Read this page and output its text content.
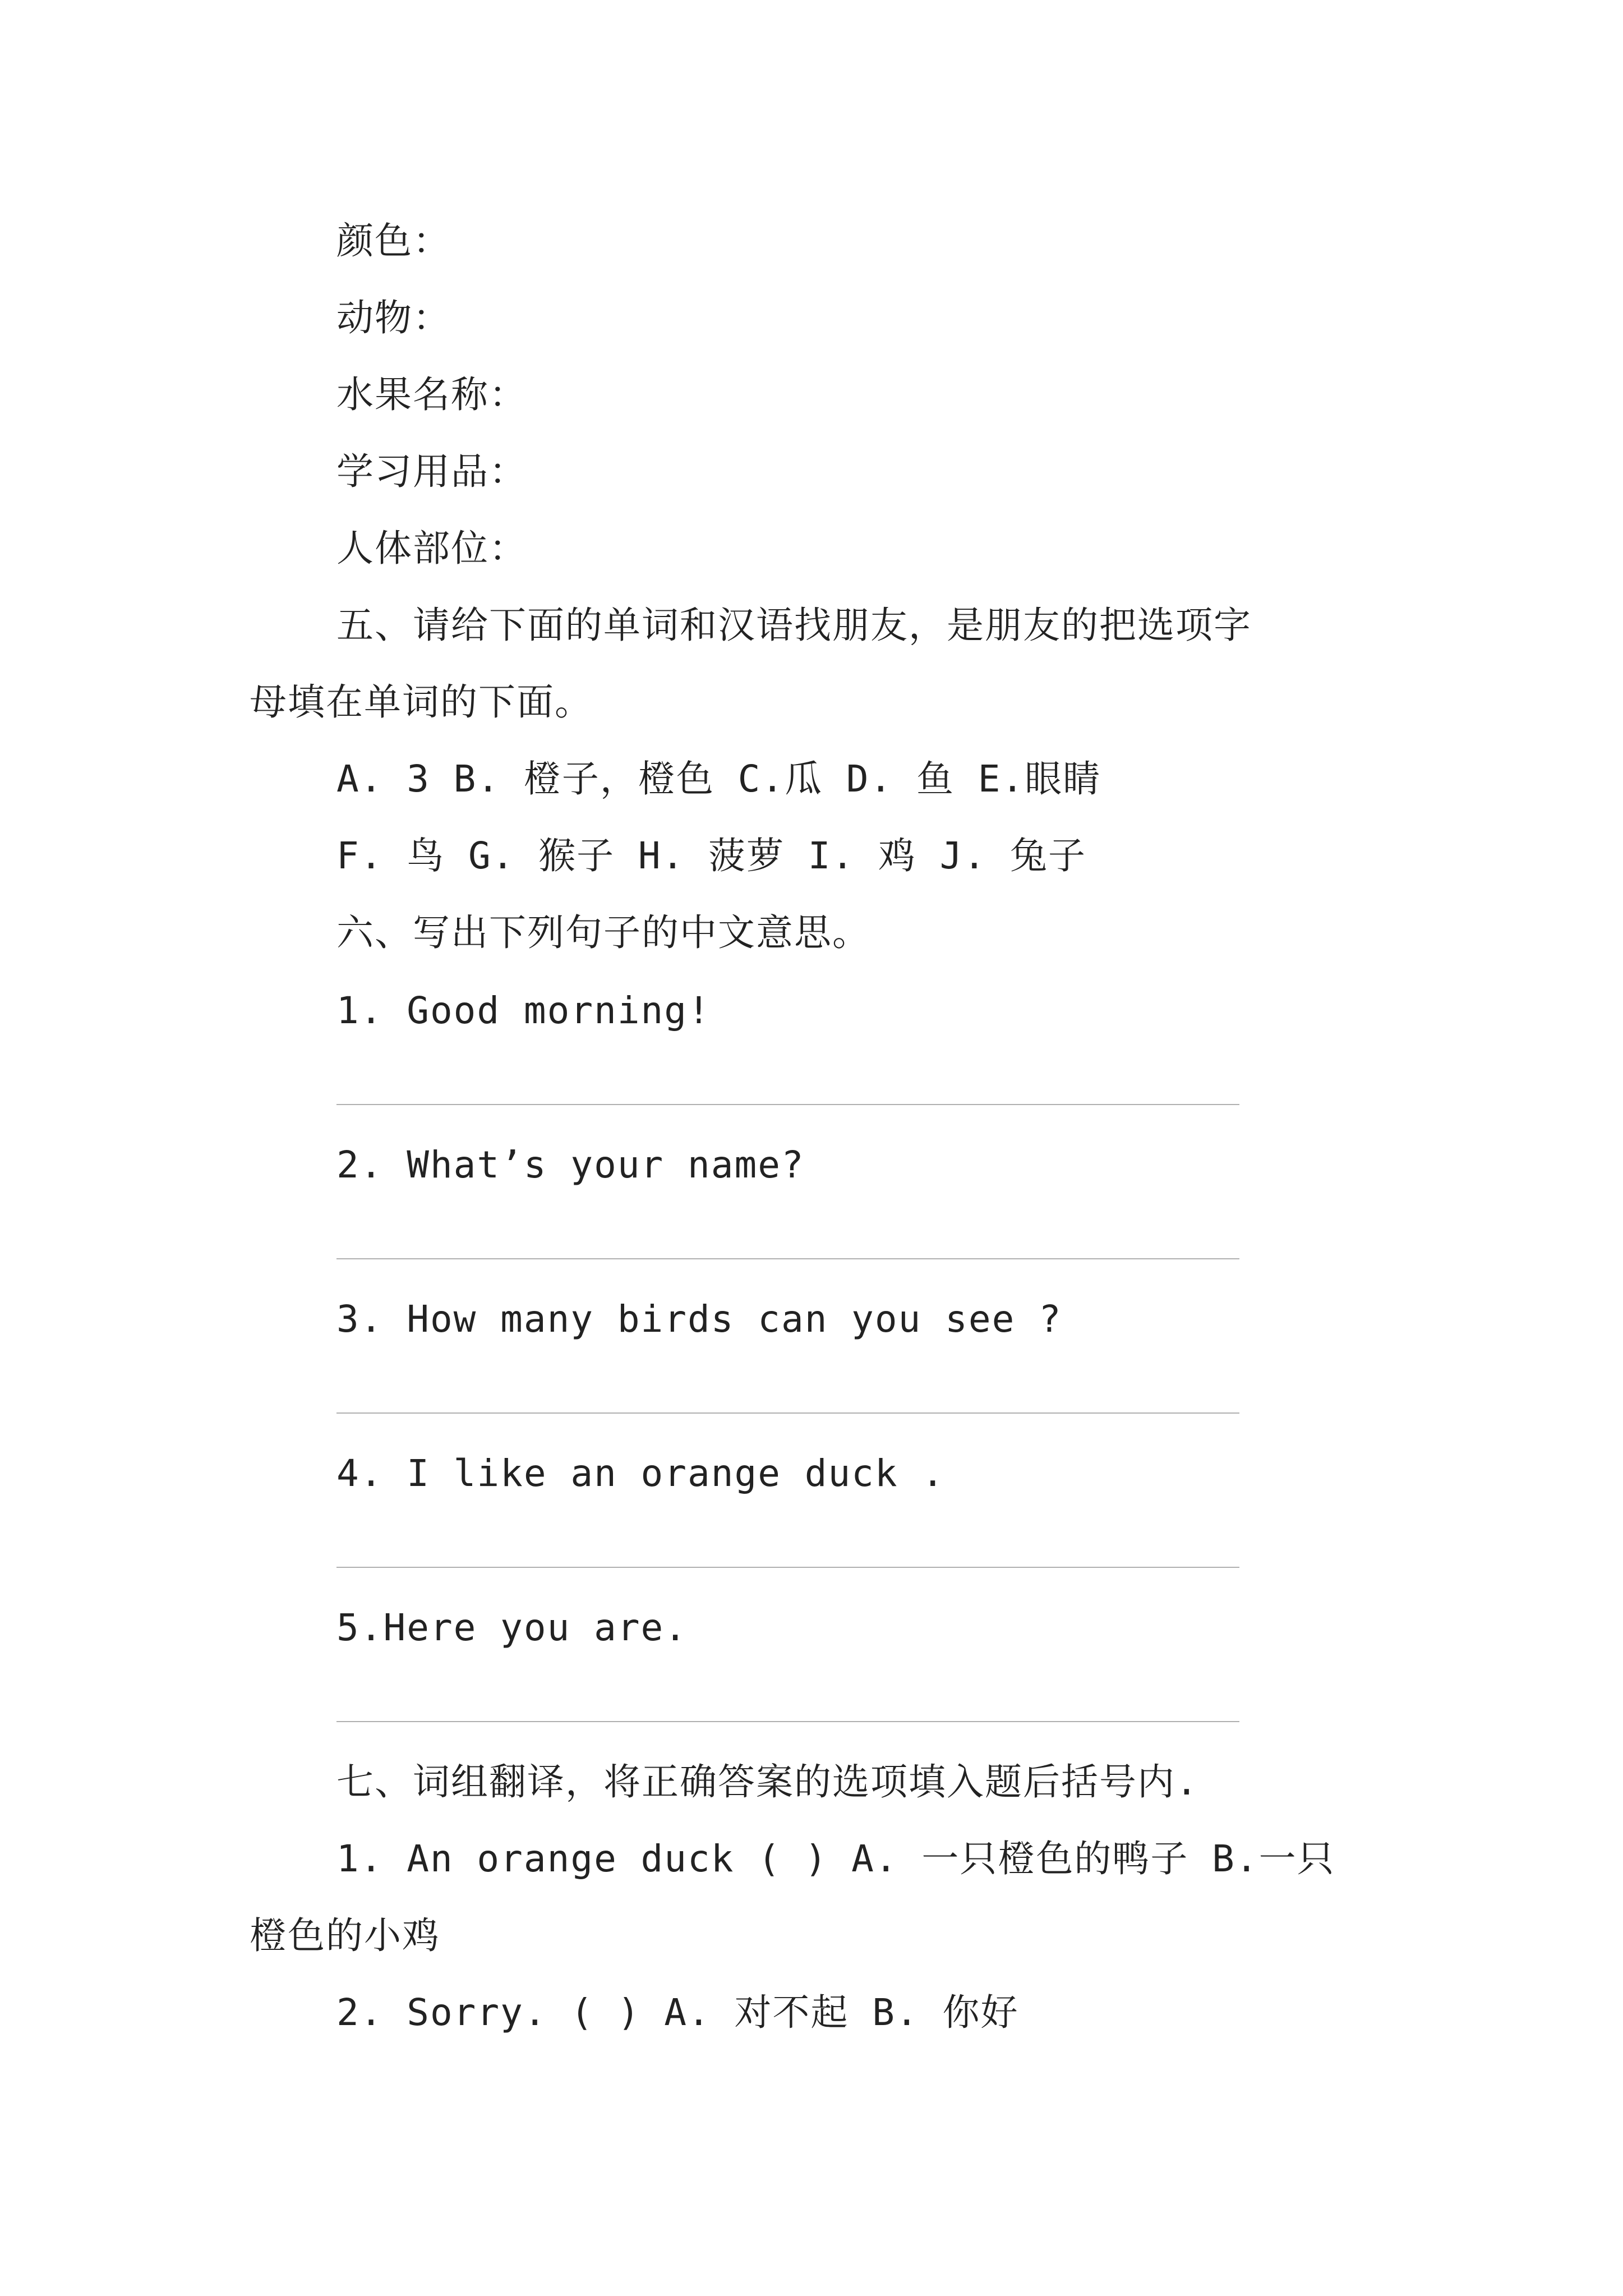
颜色：
动物：
水果名称：
学习用品：
人体部位：
五、请给下面的单词和汉语找朋友，是朋友的把选项字
母填在单词的下面。
A. 3 B. 橙子，橙色 C.瓜 D. 鱼 E.眼睛
F. 鸟 G. 猴子 H. 菠萝 I. 鸡 J. 兔子
六、写出下列句子的中文意思。
1. Good morning!
2. What’s your name?
3. How many birds can you see ?
4. I like an orange duck .
5.Here you are.
七、词组翻译，将正确答案的选项填入题后括号内.
1. An orange duck ( ) A. 一只橙色的鸭子 B.一只
橙色的小鸡
2. Sorry. ( ) A. 对不起 B. 你好
